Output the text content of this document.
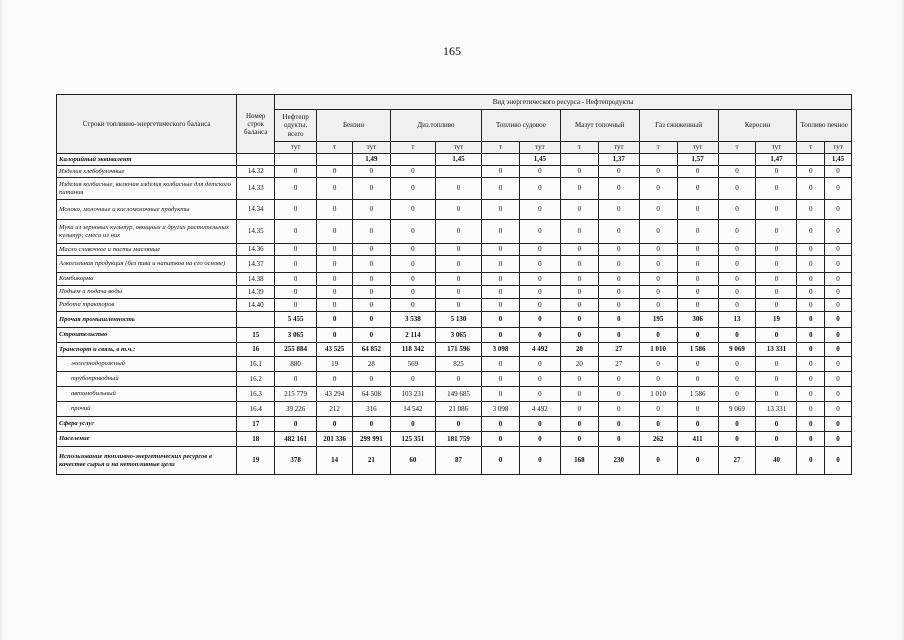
165
Строки топливно-энергетического баланса	Номер строк баланса	Вид энергетического ресурса - Нефтепродукты														
		Нефтепр одукты, всего	Бензин		Диз.топливо		Топливо судовое		Мазут топочный		Газ сжиженный		Керосин		Топливо печное	
		тут	т	тут	т	тут	т	тут	т	тут	т	тут	т	тут	т	тут
Калорийный эквивалент				1,49		1,45		1,45		1,37		1,57		1,47		1,45
Изделия хлебобулочные	14.32	0	0	0	0		0	0	0	0	0	0	0	0	0	0
Изделия колбасные, включая изделия колбасные для детского питания	14.33	0	0	0	0	0	0	0	0	0	0	0	0	0	0	0
Молоко, молочные и кисломолочные продукты	14.34	0	0	0	0	0	0	0	0	0	0	0	0	0	0	0
Мука из зерновых культур, овощных и других растительных культур; смеси из них	14.35	0	0	0	0	0	0	0	0	0	0	0	0	0	0	0
Масло сливочное и пасты масляные	14.36	0	0	0	0	0	0	0	0	0	0	0	0	0	0	0
Алкогольная продукция (без пива и напитков на его основе)	14.37	0	0	0	0	0	0	0	0	0	0	0	0	0	0	0
Комбикорма	14.38	0	0	0	0	0	0	0	0	0	0	0	0	0	0	0
Подъем и подача воды	14.39	0	0	0	0	0	0	0	0	0	0	0	0	0	0	0
Работа тракторов	14.40	0	0	0	0	0	0	0	0	0	0	0	0	0	0	0
Прочая промышленность		5 455	0	0	3 538	5 130	0	0	0	0	195	306	13	19	0	0
Строительство	15	3 065	0	0	2 114	3 065	0	0	0	0	0	0	0	0	0	0
Транспорт и связь, в т.ч.:	16	255 884	43 525	64 852	118 342	171 596	3 098	4 492	20	27	1 010	1 586	9 069	13 331	0	0
железнодорожный	16.1	880	19	28	569	825	0	0	20	27	0	0	0	0	0	0
трубопроводный	16.2	0	0	0	0	0	0	0	0	0	0	0	0	0	0	0
автомобильный	16.3	215 779	43 294	64 508	103 231	149 685	0	0	0	0	1 010	1 586	0	0	0	0
прочий	16.4	39 226	212	316	14 542	21 086	3 098	4 492	0	0	0	0	9 069	13 331	0	0
Сфера услуг	17	0	0	0	0	0	0	0	0	0	0	0	0	0	0	0
Население	18	482 161	201 336	299 991	125 351	181 759	0	0	0	0	262	411	0	0	0	0
Использование топливно-энергетических ресурсов в качестве сырья и на нетопливные цели	19	378	14	21	60	87	0	0	168	230	0	0	27	40	0	0
